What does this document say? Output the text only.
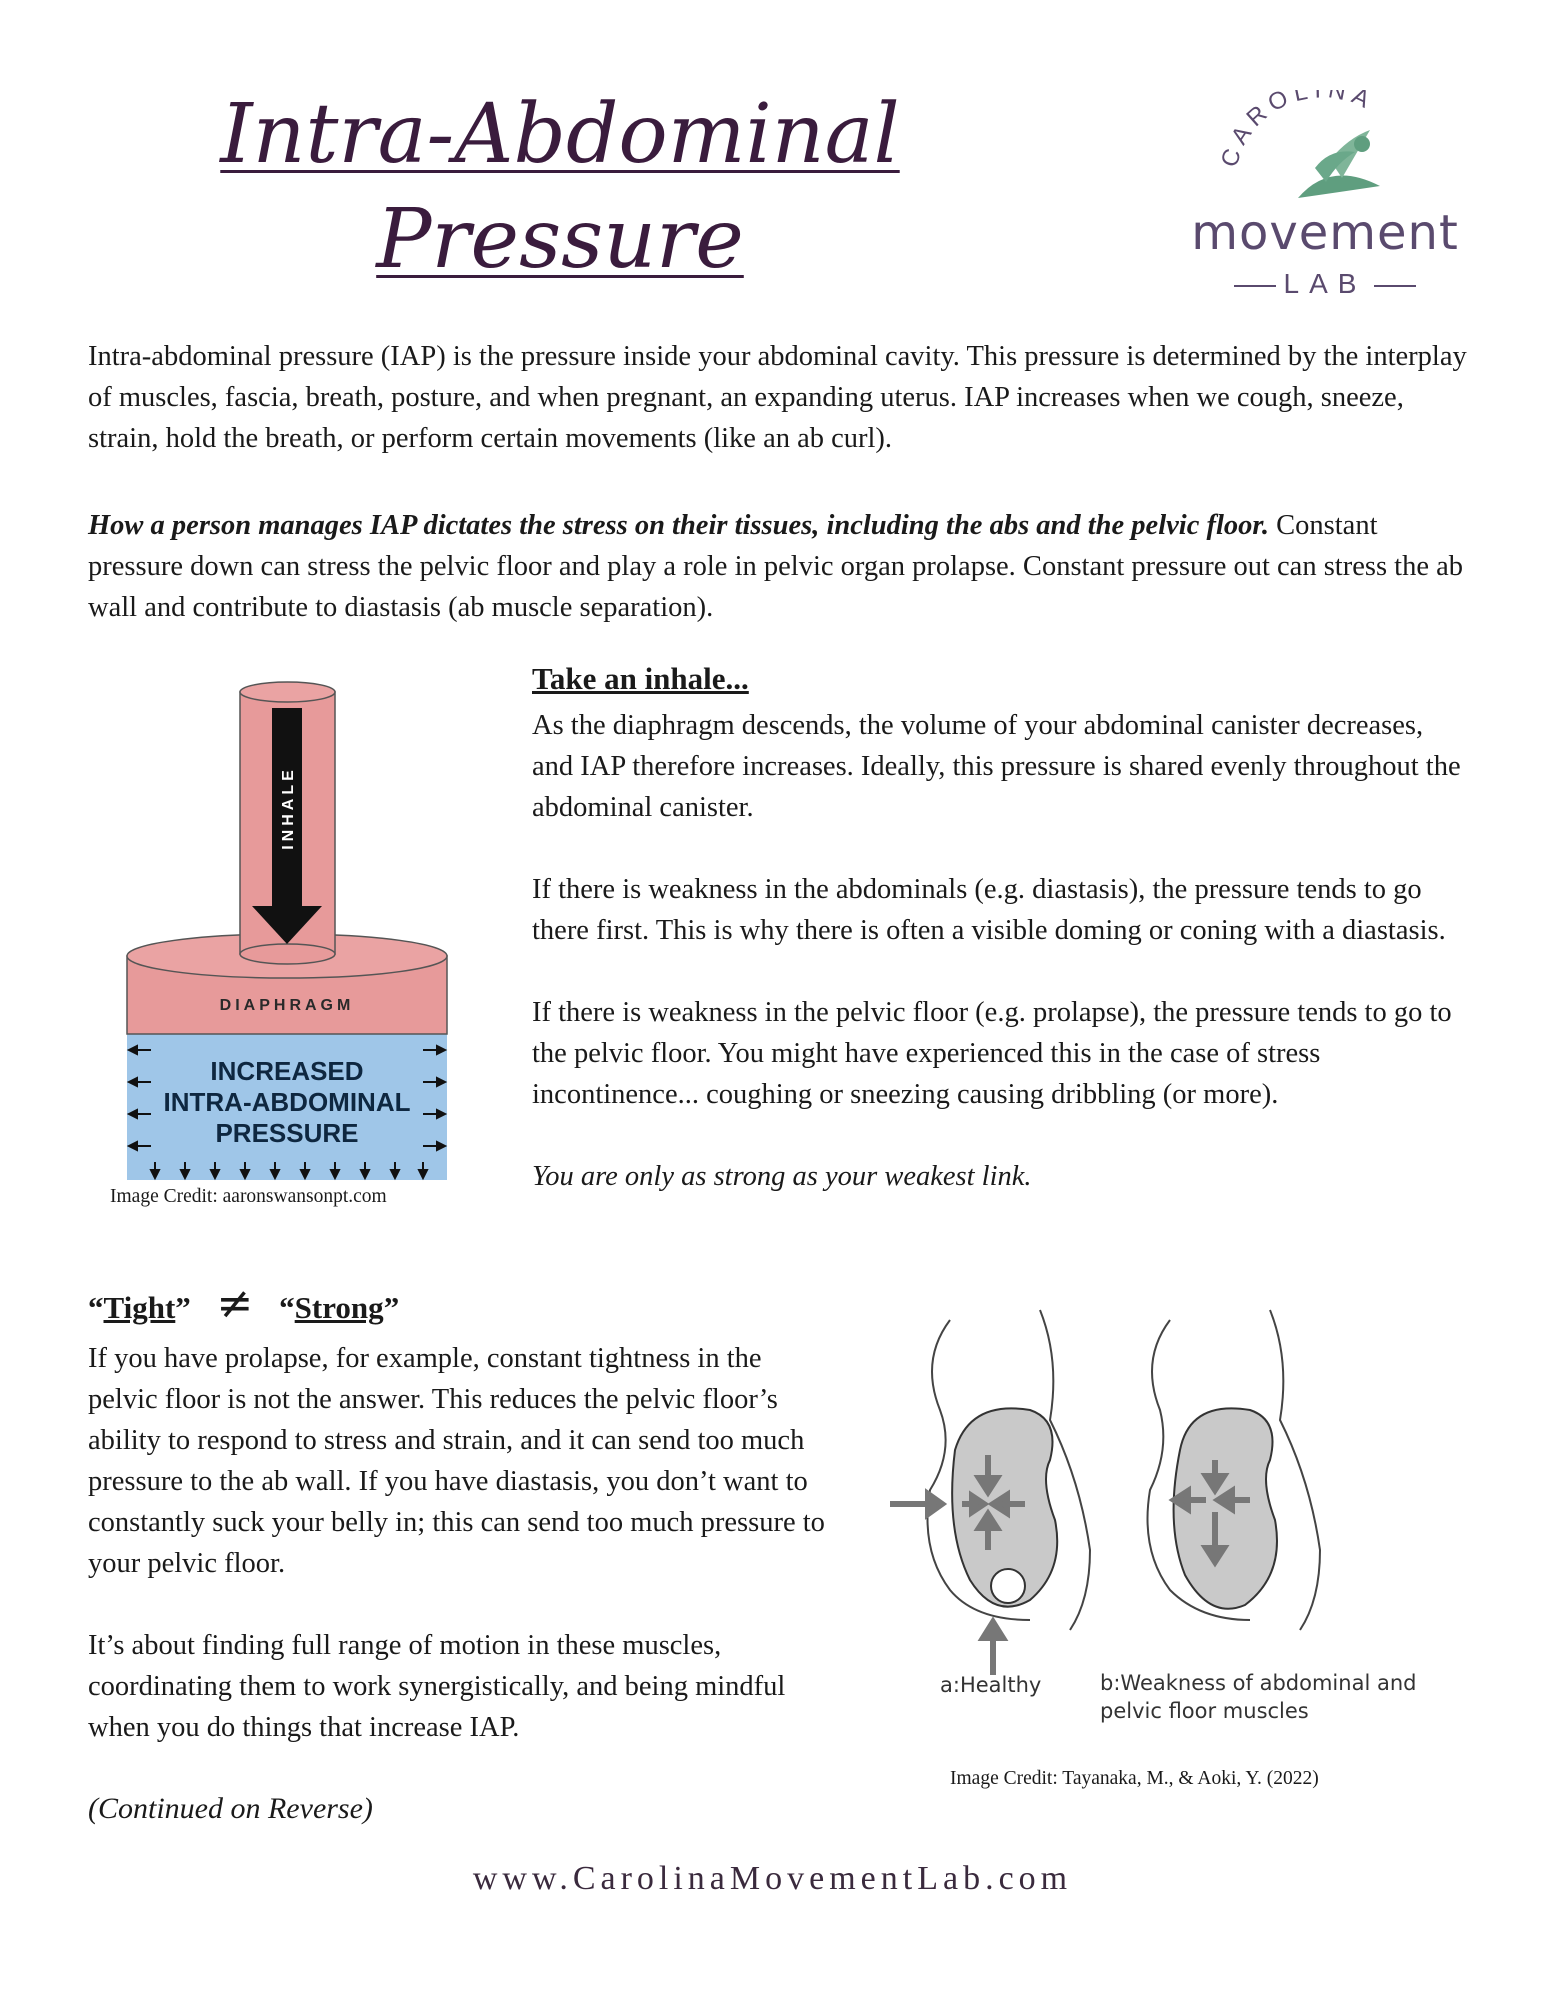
Intra-Abdominal
Pressure
CAROLINA
movement
LAB

Intra-abdominal pressure (IAP) is the pressure inside your abdominal cavity. This pressure is determined by the interplay of muscles, fascia, breath, posture, and when pregnant, an expanding uterus. IAP increases when we cough, sneeze, strain, hold the breath, or perform certain movements (like an ab curl).

How a person manages IAP dictates the stress on their tissues, including the abs and the pelvic floor. Constant pressure down can stress the pelvic floor and play a role in pelvic organ prolapse. Constant pressure out can stress the ab wall and contribute to diastasis (ab muscle separation).

INHALE
DIAPHRAGM
INCREASED
INTRA-ABDOMINAL
PRESSURE
Image Credit: aaronswansonpt.com
Take an inhale...

As the diaphragm descends, the volume of your abdominal canister decreases, and IAP therefore increases. Ideally, this pressure is shared evenly throughout the abdominal canister.

If there is weakness in the abdominals (e.g. diastasis), the pressure tends to go there first. This is why there is often a visible doming or coning with a diastasis.

If there is weakness in the pelvic floor (e.g. prolapse), the pressure tends to go to the pelvic floor. You might have experienced this in the case of stress incontinence... coughing or sneezing causing dribbling (or more).

You are only as strong as your weakest link.

“Tight” ≠ “Strong”

If you have prolapse, for example, constant tightness in the pelvic floor is not the answer. This reduces the pelvic floor’s ability to respond to stress and strain, and it can send too much pressure to the ab wall. If you have diastasis, you don’t want to constantly suck your belly in; this can send too much pressure to your pelvic floor.

It’s about finding full range of motion in these muscles, coordinating them to work synergistically, and being mindful when you do things that increase IAP.

(Continued on Reverse)
a:Healthy	b:Weakness of abdominal and
pelvic floor muscles
Image Credit: Tayanaka, M., & Aoki, Y. (2022)
www.CarolinaMovementLab.com
